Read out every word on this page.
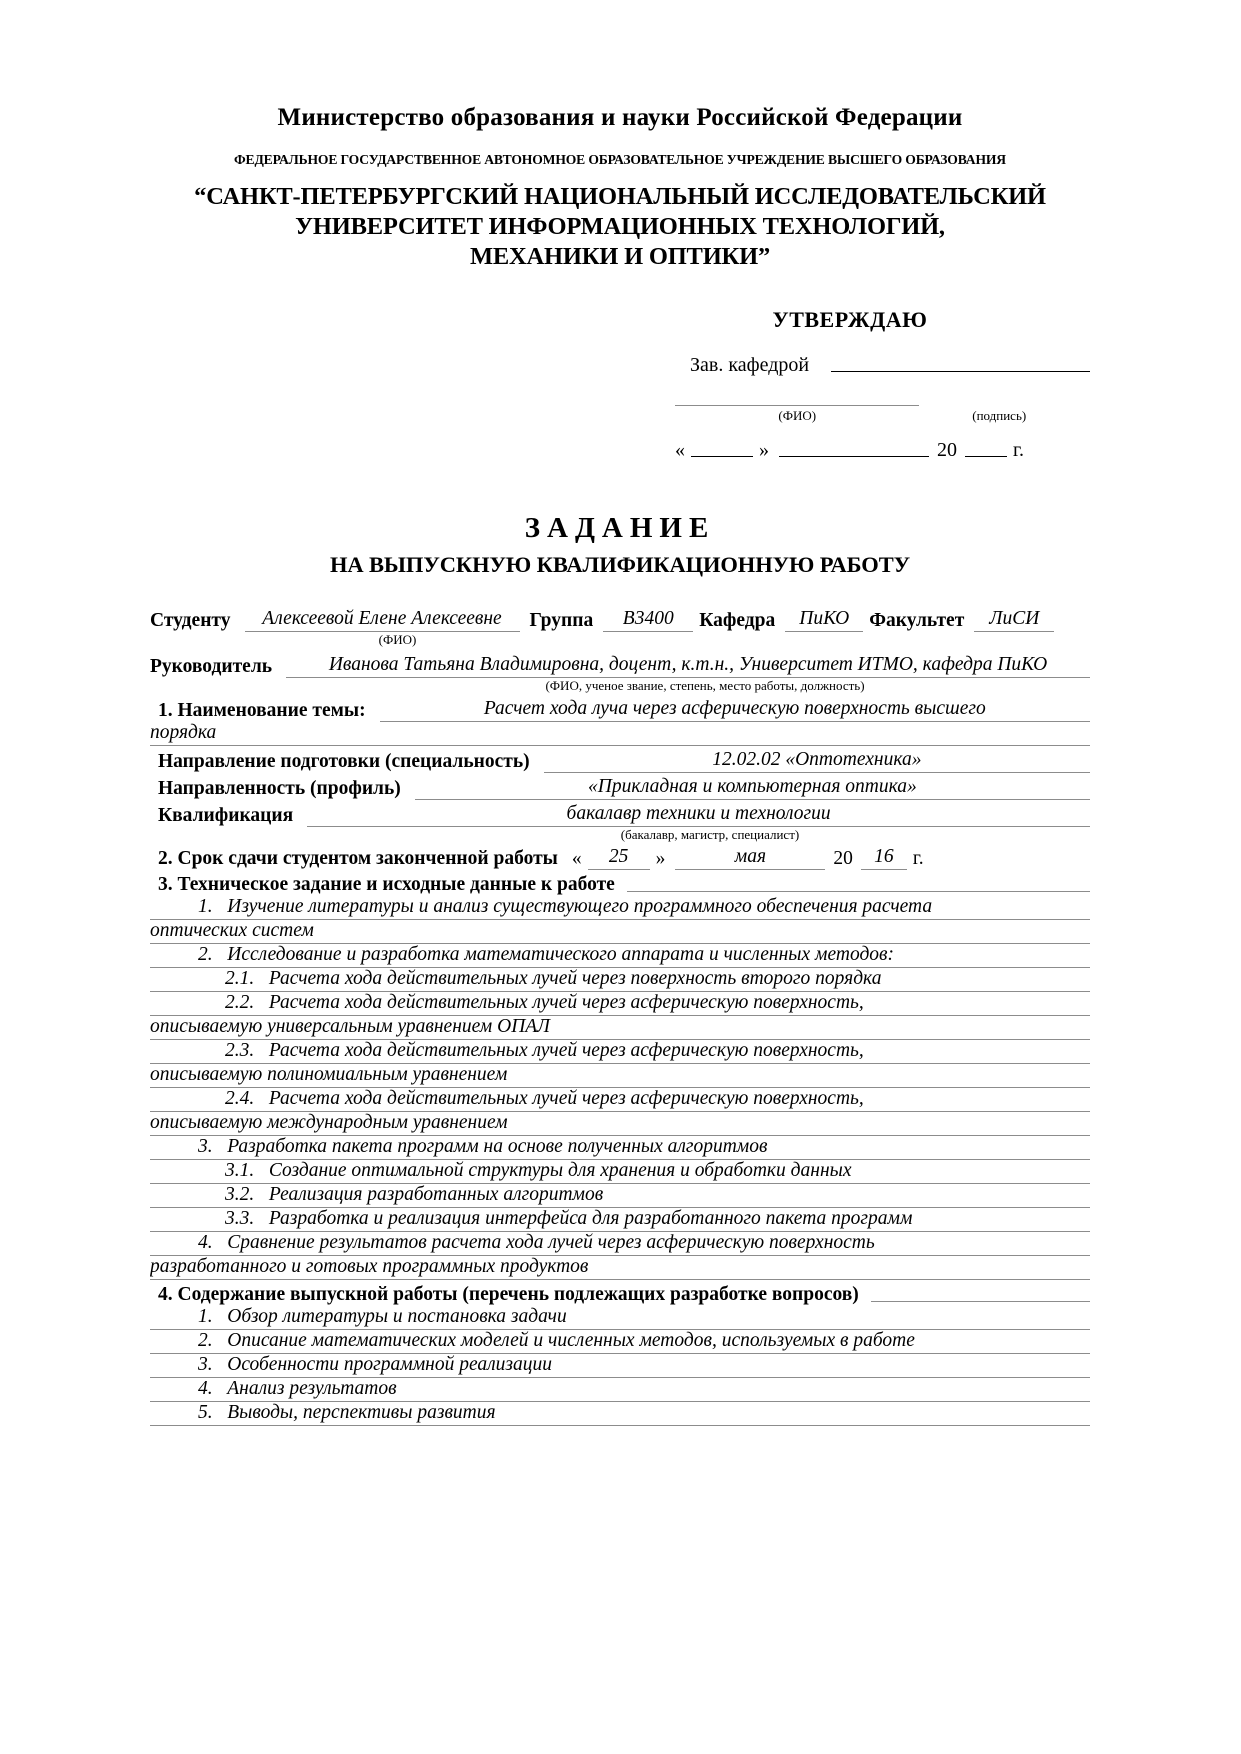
Министерство образования и науки Российской Федерации
ФЕДЕРАЛЬНОЕ ГОСУДАРСТВЕННОЕ АВТОНОМНОЕ ОБРАЗОВАТЕЛЬНОЕ УЧРЕЖДЕНИЕ ВЫСШЕГО ОБРАЗОВАНИЯ
“САНКТ-ПЕТЕРБУРГСКИЙ НАЦИОНАЛЬНЫЙ ИССЛЕДОВАТЕЛЬСКИЙ
УНИВЕРСИТЕТ ИНФОРМАЦИОННЫХ ТЕХНОЛОГИЙ,
МЕХАНИКИ И ОПТИКИ”
УТВЕРЖДАЮ
Зав. кафедрой
(ФИО)	(подпись)
«	»	20	г.
ЗАДАНИЕ
НА ВЫПУСКНУЮ КВАЛИФИКАЦИОННУЮ РАБОТУ
Студенту	Алексеевой Елене Алексеевне	Группа	В3400	Кафедра	ПиКО	Факультет	ЛиСИ
(ФИО)
Руководитель	Иванова Татьяна Владимировна, доцент, к.т.н., Университет ИТМО, кафедра ПиКО
(ФИО, ученое звание, степень, место работы, должность)
1. Наименование темы:	Расчет хода луча через асферическую поверхность высшего
порядка
Направление подготовки (специальность)	12.02.02 «Оптотехника»
Направленность (профиль)	«Прикладная и компьютерная оптика»
Квалификация	бакалавр техники и технологии
(бакалавр, магистр, специалист)
2. Срок сдачи студентом законченной работы «	25	»	мая	20	16 г.
3. Техническое задание и исходные данные к работе
1. Изучение литературы и анализ существующего программного обеспечения расчета
оптических систем
2. Исследование и разработка математического аппарата и численных методов:
2.1. Расчета хода действительных лучей через поверхность второго порядка
2.2. Расчета хода действительных лучей через асферическую поверхность,
описываемую универсальным уравнением ОПАЛ
2.3. Расчета хода действительных лучей через асферическую поверхность,
описываемую полиномиальным уравнением
2.4. Расчета хода действительных лучей через асферическую поверхность,
описываемую международным уравнением
3. Разработка пакета программ на основе полученных алгоритмов
3.1. Создание оптимальной структуры для хранения и обработки данных
3.2. Реализация разработанных алгоритмов
3.3. Разработка и реализация интерфейса для разработанного пакета программ
4. Сравнение результатов расчета хода лучей через асферическую поверхность
разработанного и готовых программных продуктов
4. Содержание выпускной работы (перечень подлежащих разработке вопросов)
1. Обзор литературы и постановка задачи
2. Описание математических моделей и численных методов, используемых в работе
3. Особенности программной реализации
4. Анализ результатов
5. Выводы, перспективы развития
